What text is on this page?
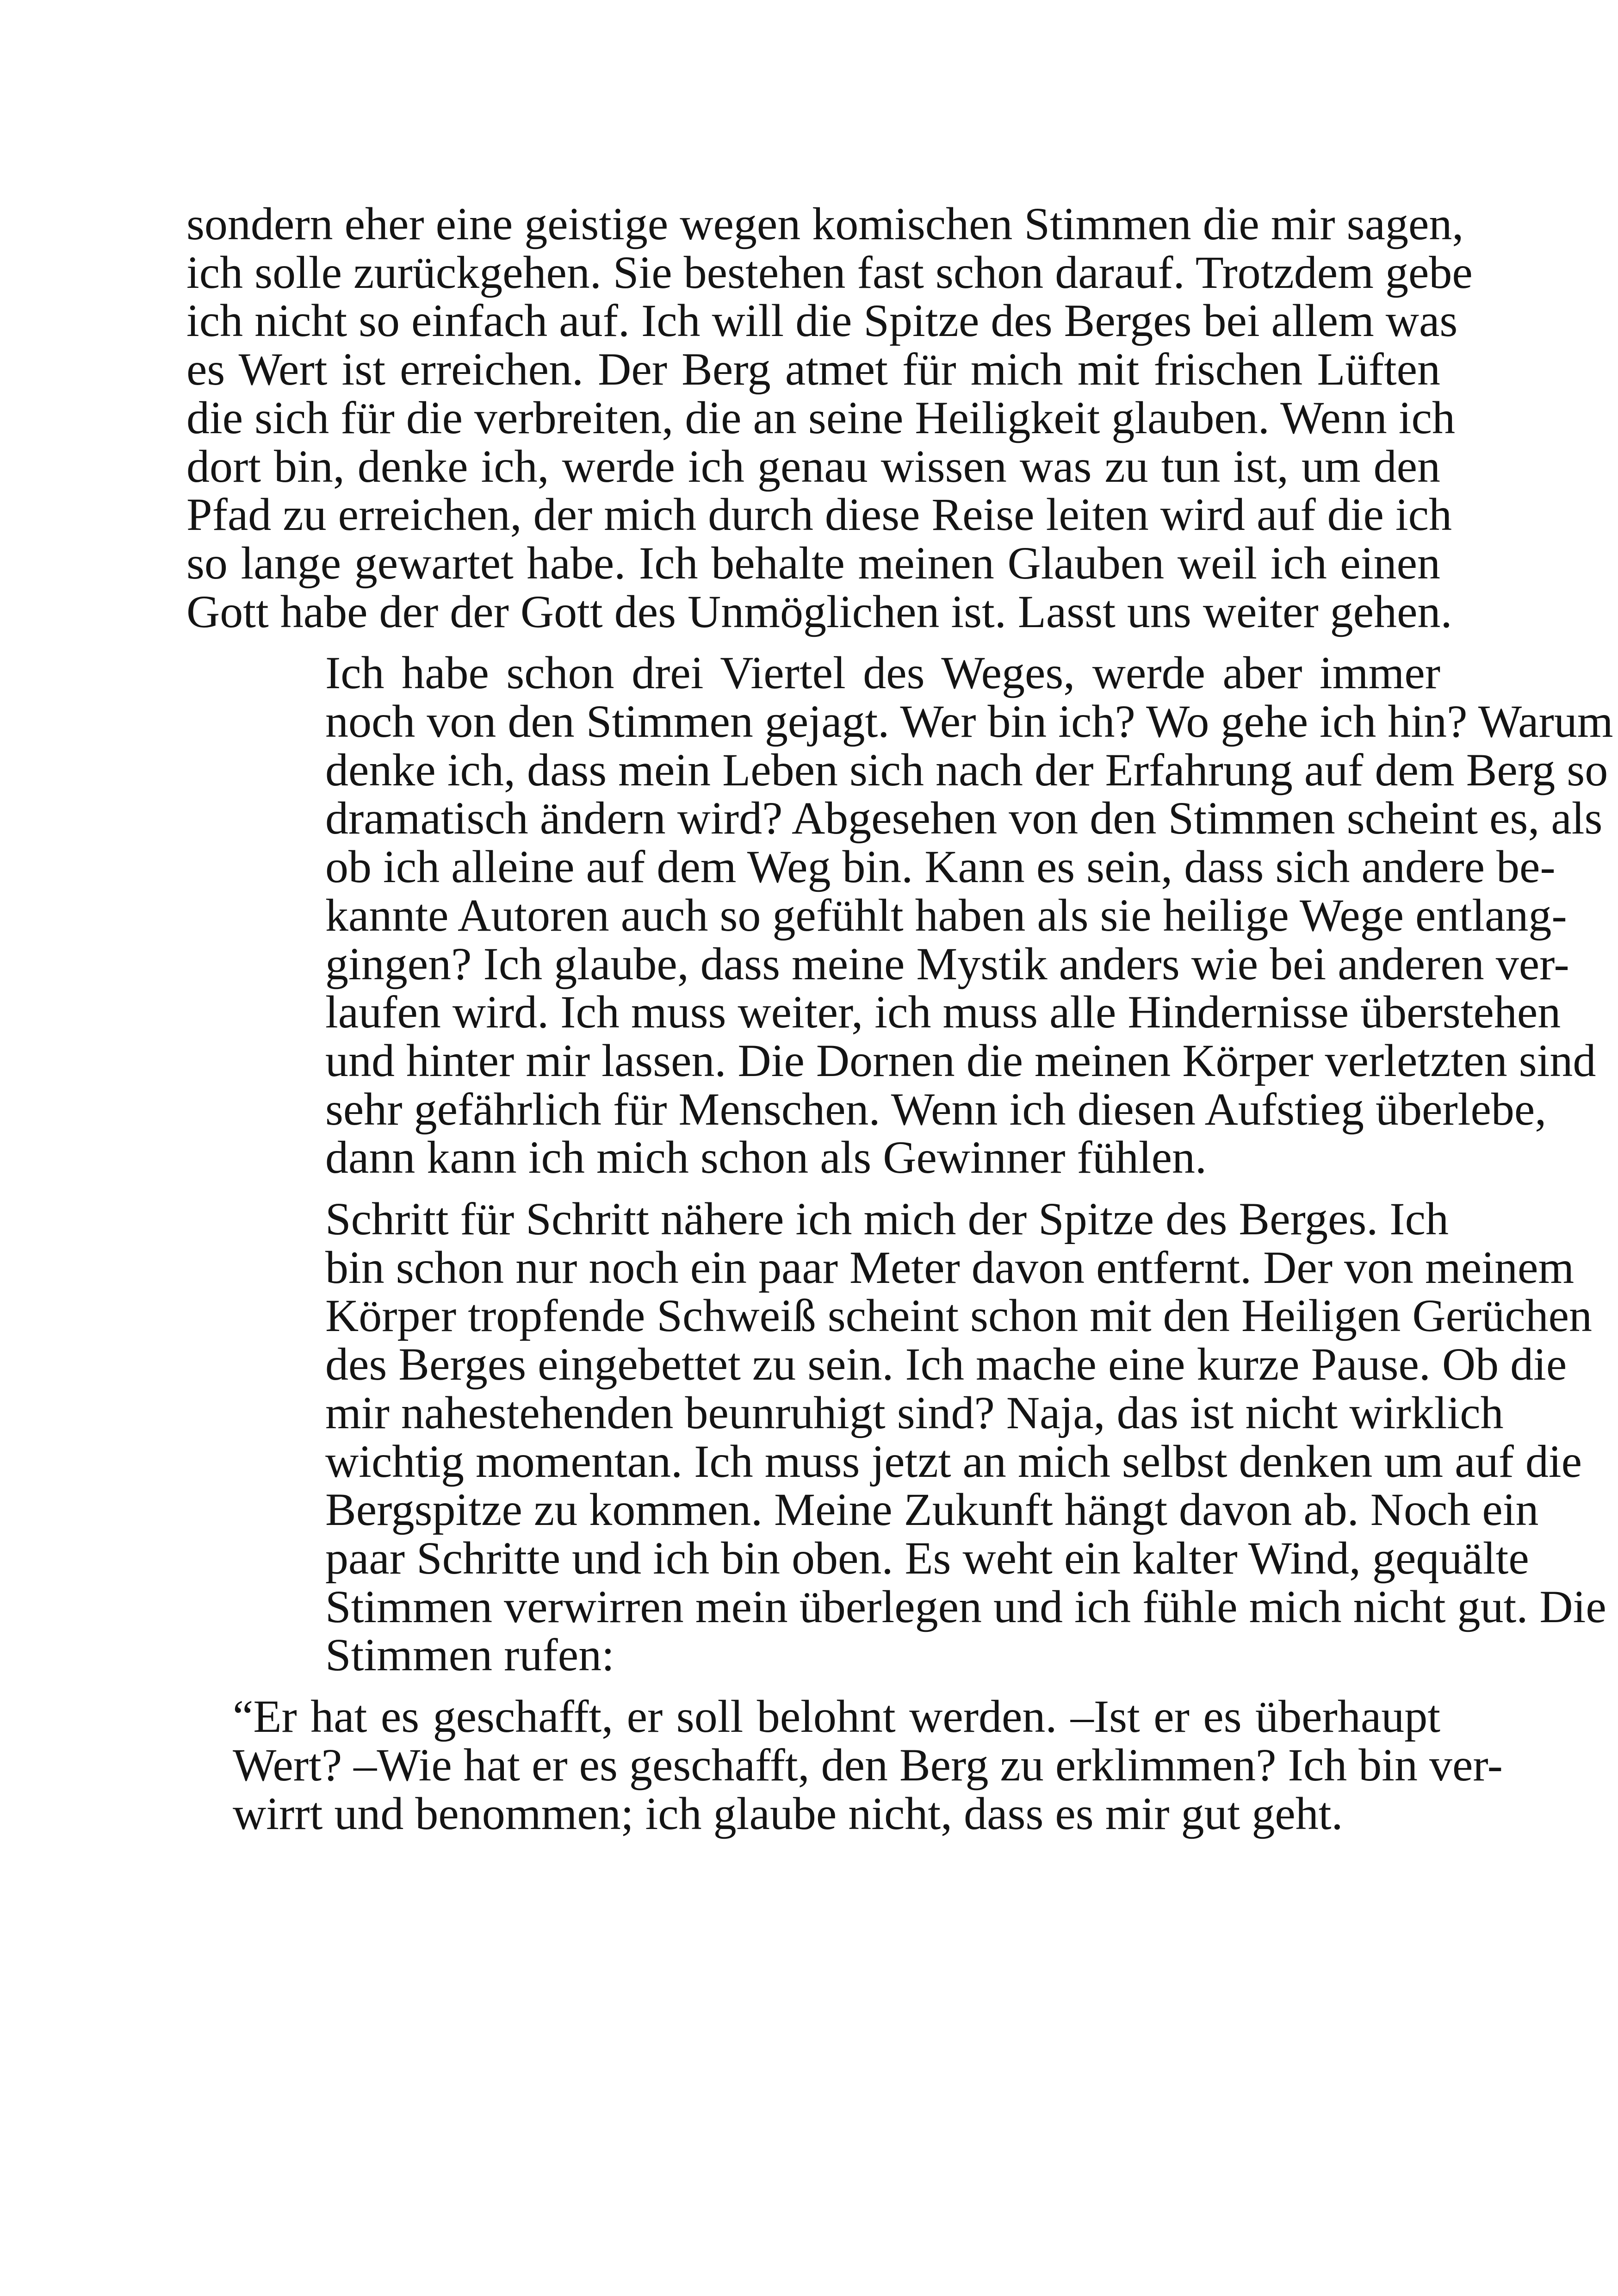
sondern eher eine geistige wegen komischen Stimmen die mir sagen,
ich solle zurückgehen. Sie bestehen fast schon darauf. Trotzdem gebe
ich nicht so einfach auf. Ich will die Spitze des Berges bei allem was
es Wert ist erreichen. Der Berg atmet für mich mit frischen Lüften
die sich für die verbreiten, die an seine Heiligkeit glauben. Wenn ich
dort bin, denke ich, werde ich genau wissen was zu tun ist, um den
Pfad zu erreichen, der mich durch diese Reise leiten wird auf die ich
so lange gewartet habe. Ich behalte meinen Glauben weil ich einen
Gott habe der der Gott des Unmöglichen ist. Lasst uns weiter gehen.

Ich habe schon drei Viertel des Weges, werde aber immer
noch von den Stimmen gejagt. Wer bin ich? Wo gehe ich hin? Warum
denke ich, dass mein Leben sich nach der Erfahrung auf dem Berg so
dramatisch ändern wird? Abgesehen von den Stimmen scheint es, als
ob ich alleine auf dem Weg bin. Kann es sein, dass sich andere be-
kannte Autoren auch so gefühlt haben als sie heilige Wege entlang-
gingen? Ich glaube, dass meine Mystik anders wie bei anderen ver-
laufen wird. Ich muss weiter, ich muss alle Hindernisse überstehen
und hinter mir lassen. Die Dornen die meinen Körper verletzten sind
sehr gefährlich für Menschen. Wenn ich diesen Aufstieg überlebe,
dann kann ich mich schon als Gewinner fühlen.

Schritt für Schritt nähere ich mich der Spitze des Berges. Ich
bin schon nur noch ein paar Meter davon entfernt. Der von meinem
Körper tropfende Schweiß scheint schon mit den Heiligen Gerüchen
des Berges eingebettet zu sein. Ich mache eine kurze Pause. Ob die
mir nahestehenden beunruhigt sind? Naja, das ist nicht wirklich
wichtig momentan. Ich muss jetzt an mich selbst denken um auf die
Bergspitze zu kommen. Meine Zukunft hängt davon ab. Noch ein
paar Schritte und ich bin oben. Es weht ein kalter Wind, gequälte
Stimmen verwirren mein überlegen und ich fühle mich nicht gut. Die
Stimmen rufen:

“Er hat es geschafft, er soll belohnt werden. –Ist er es überhaupt
Wert? –Wie hat er es geschafft, den Berg zu erklimmen? Ich bin ver-
wirrt und benommen; ich glaube nicht, dass es mir gut geht.
